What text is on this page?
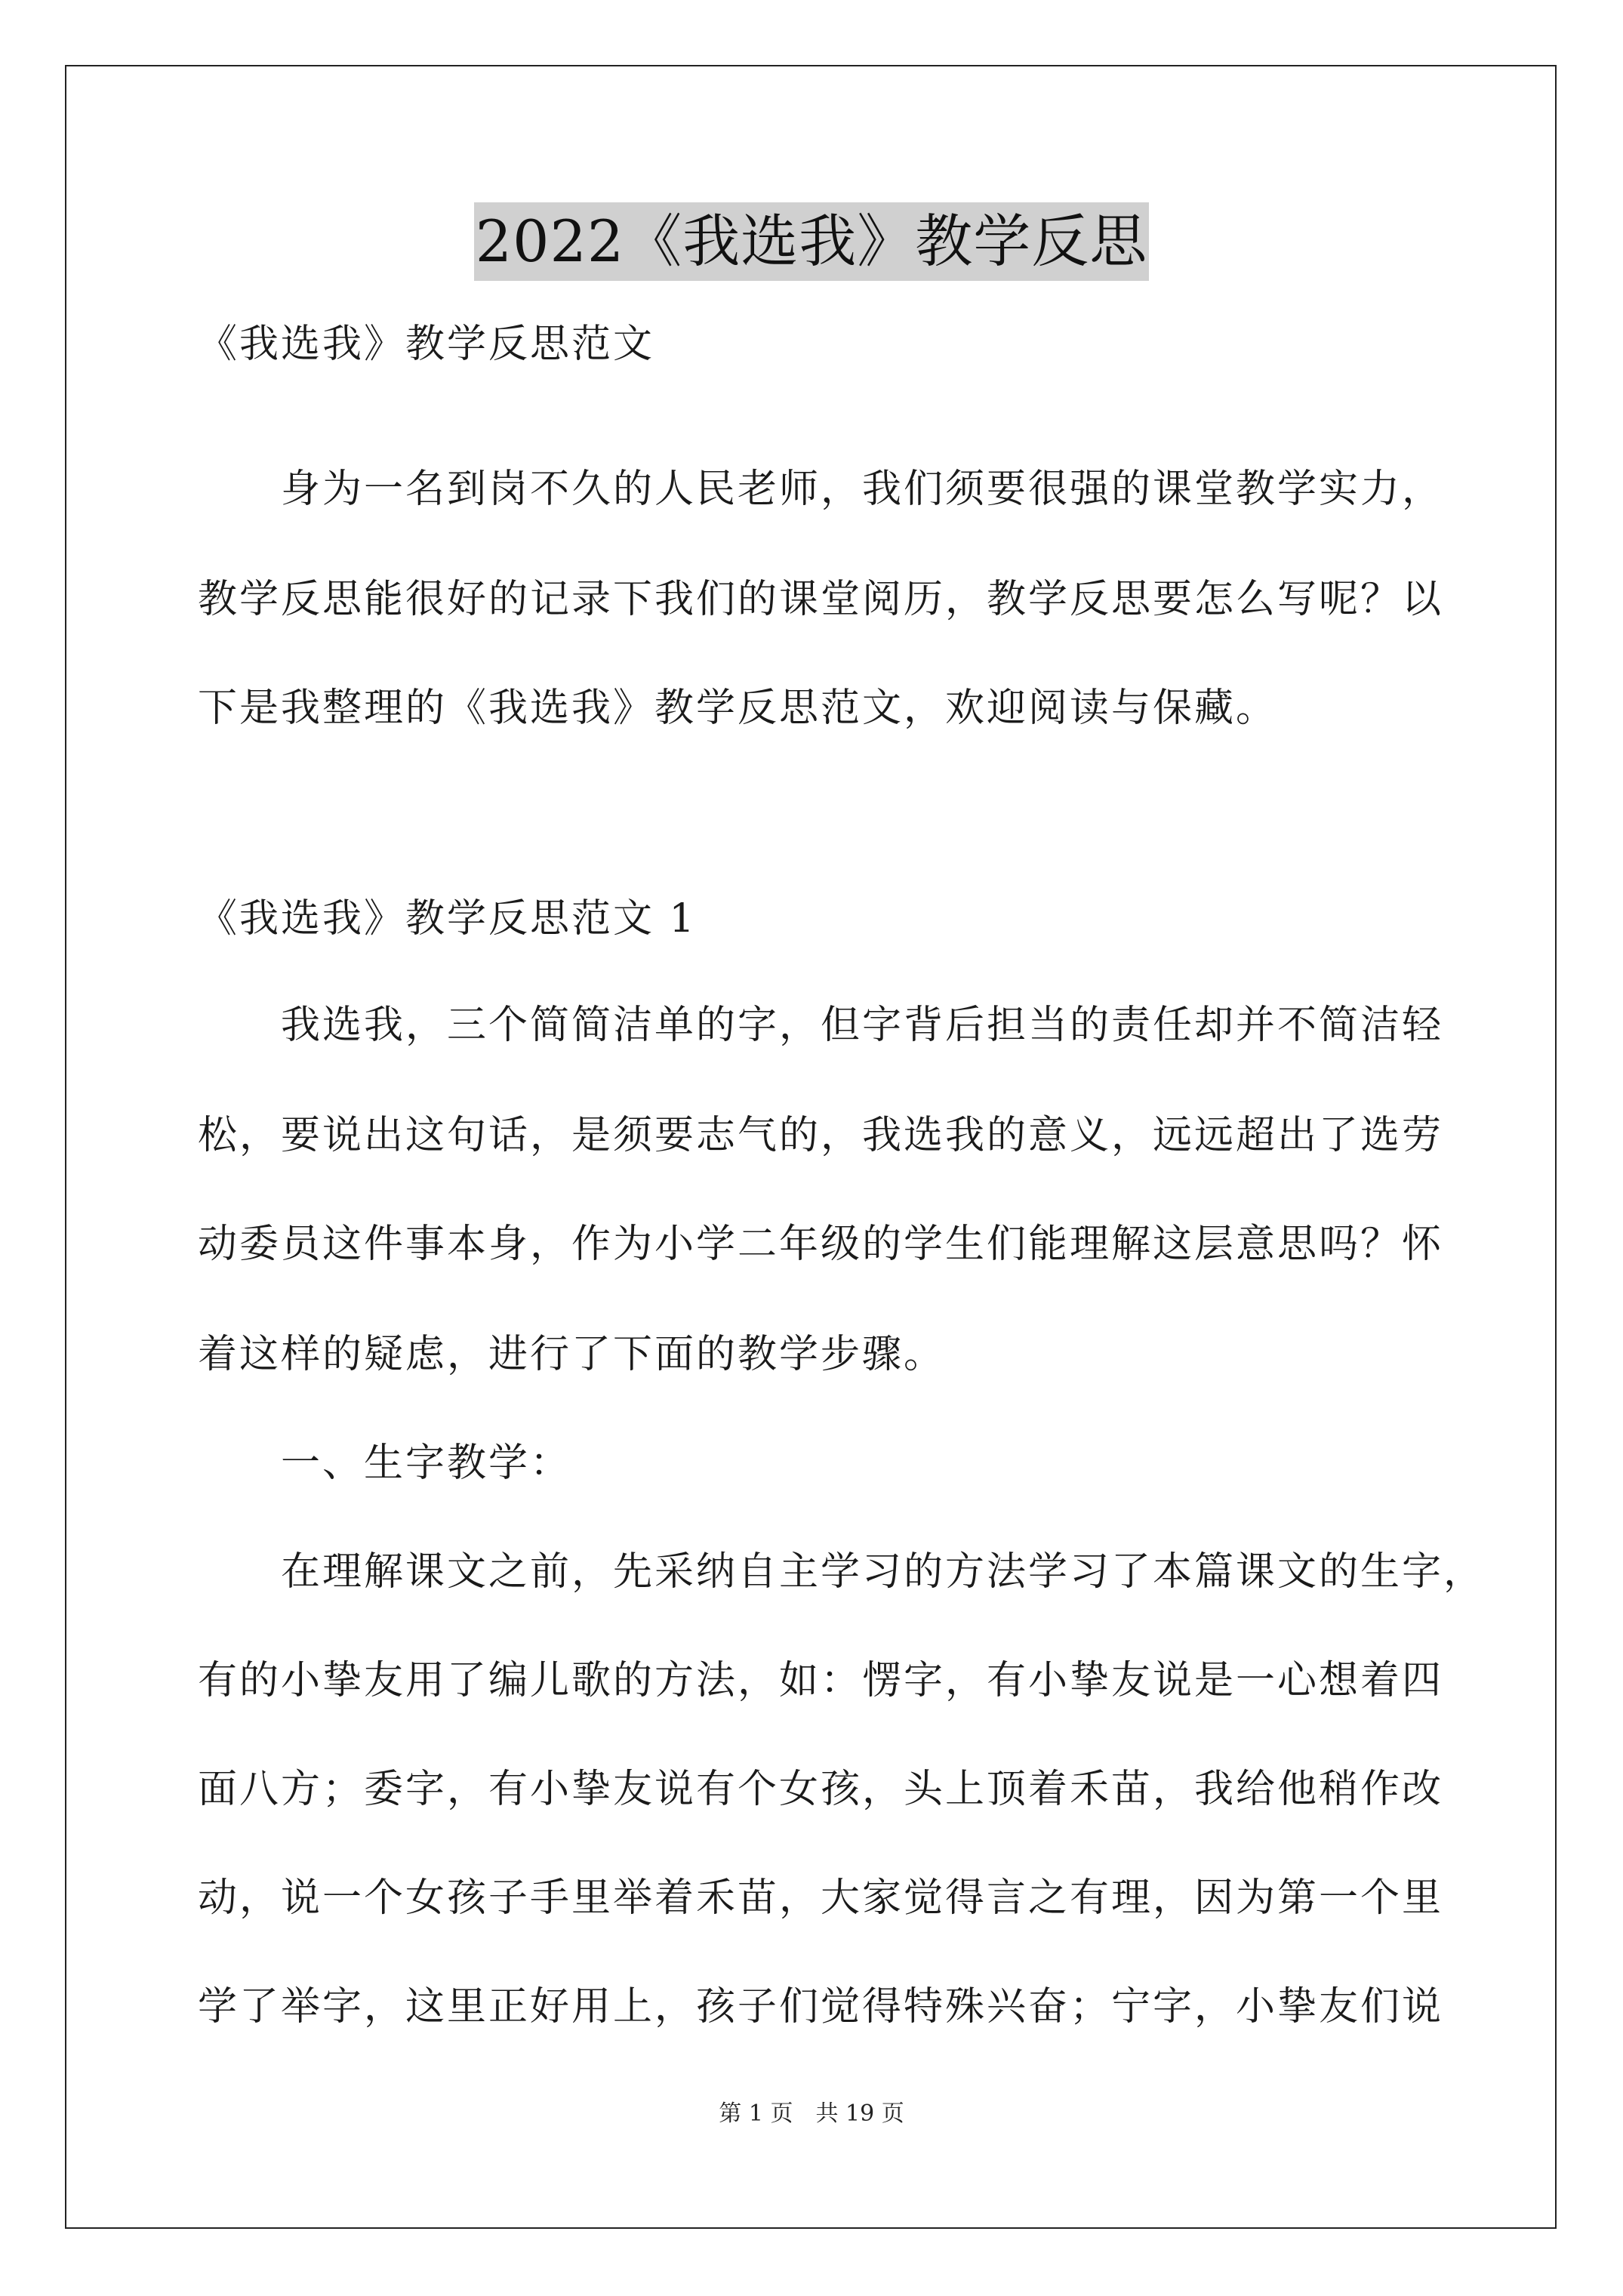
2022《我选我》教学反思
《我选我》教学反思范文
　　身为一名到岗不久的人民老师，我们须要很强的课堂教学实力，
教学反思能很好的记录下我们的课堂阅历，教学反思要怎么写呢？以
下是我整理的《我选我》教学反思范文，欢迎阅读与保藏。
《我选我》教学反思范文 1
　　我选我，三个简简洁单的字，但字背后担当的责任却并不简洁轻
松，要说出这句话，是须要志气的，我选我的意义，远远超出了选劳
动委员这件事本身，作为小学二年级的学生们能理解这层意思吗？怀
着这样的疑虑，进行了下面的教学步骤。
　　一、生字教学：
　　在理解课文之前，先采纳自主学习的方法学习了本篇课文的生字，
有的小挚友用了编儿歌的方法，如：愣字，有小挚友说是一心想着四
面八方；委字，有小挚友说有个女孩，头上顶着禾苗，我给他稍作改
动，说一个女孩子手里举着禾苗，大家觉得言之有理，因为第一个里
学了举字，这里正好用上，孩子们觉得特殊兴奋；宁字，小挚友们说
第 1 页　共 19 页
